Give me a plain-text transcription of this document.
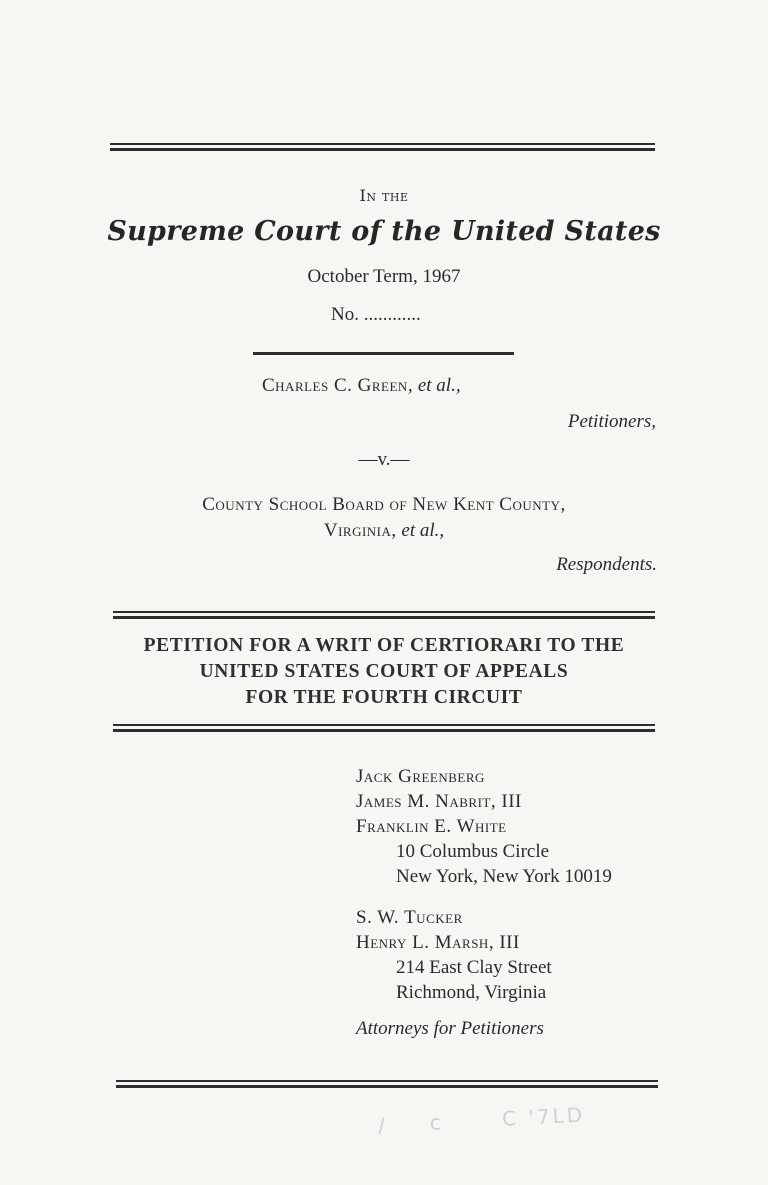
In the
Supreme Court of the United States
October Term, 1967
No. ............
Charles C. Green, et al.,
Petitioners,
—v.—
County School Board of New Kent County,
Virginia, et al.,
Respondents.
PETITION FOR A WRIT OF CERTIORARI TO THE
UNITED STATES COURT OF APPEALS
FOR THE FOURTH CIRCUIT
Jack Greenberg
James M. Nabrit, III
Franklin E. White
10 Columbus Circle
New York, New York 10019
S. W. Tucker
Henry L. Marsh, III
214 East Clay Street
Richmond, Virginia
Attorneys for Petitioners
/      c       C '7LD
